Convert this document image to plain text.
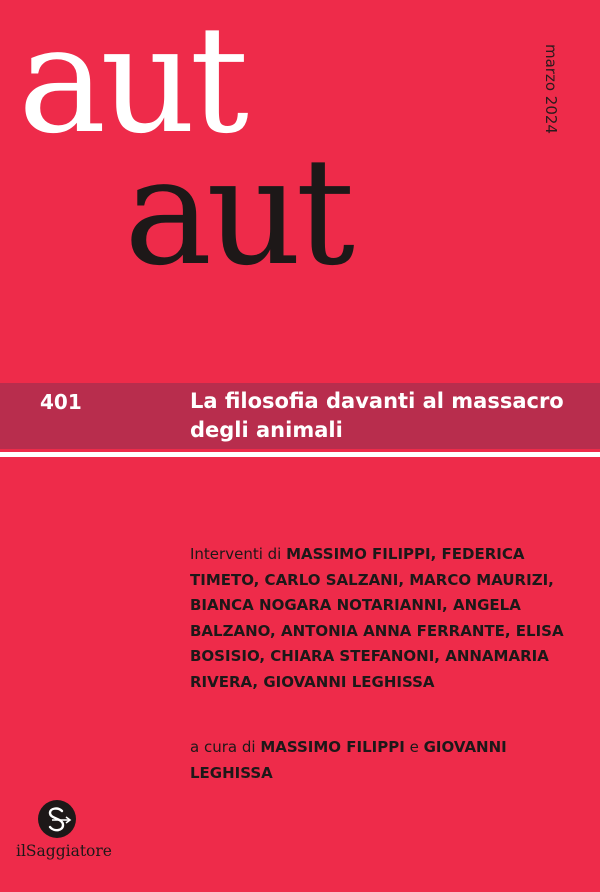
aut
aut
marzo 2024
401	La filosofia davanti al massacro degli animali
Interventi di MASSIMO FILIPPI, FEDERICA TIMETO, CARLO SALZANI, MARCO MAURIZI, BIANCA NOGARA NOTARIANNI, ANGELA BALZANO, ANTONIA ANNA FERRANTE, ELISA BOSISIO, CHIARA STEFANONI, ANNAMARIA RIVERA, GIOVANNI LEGHISSA
a cura di MASSIMO FILIPPI e GIOVANNI LEGHISSA
ilSaggiatore
